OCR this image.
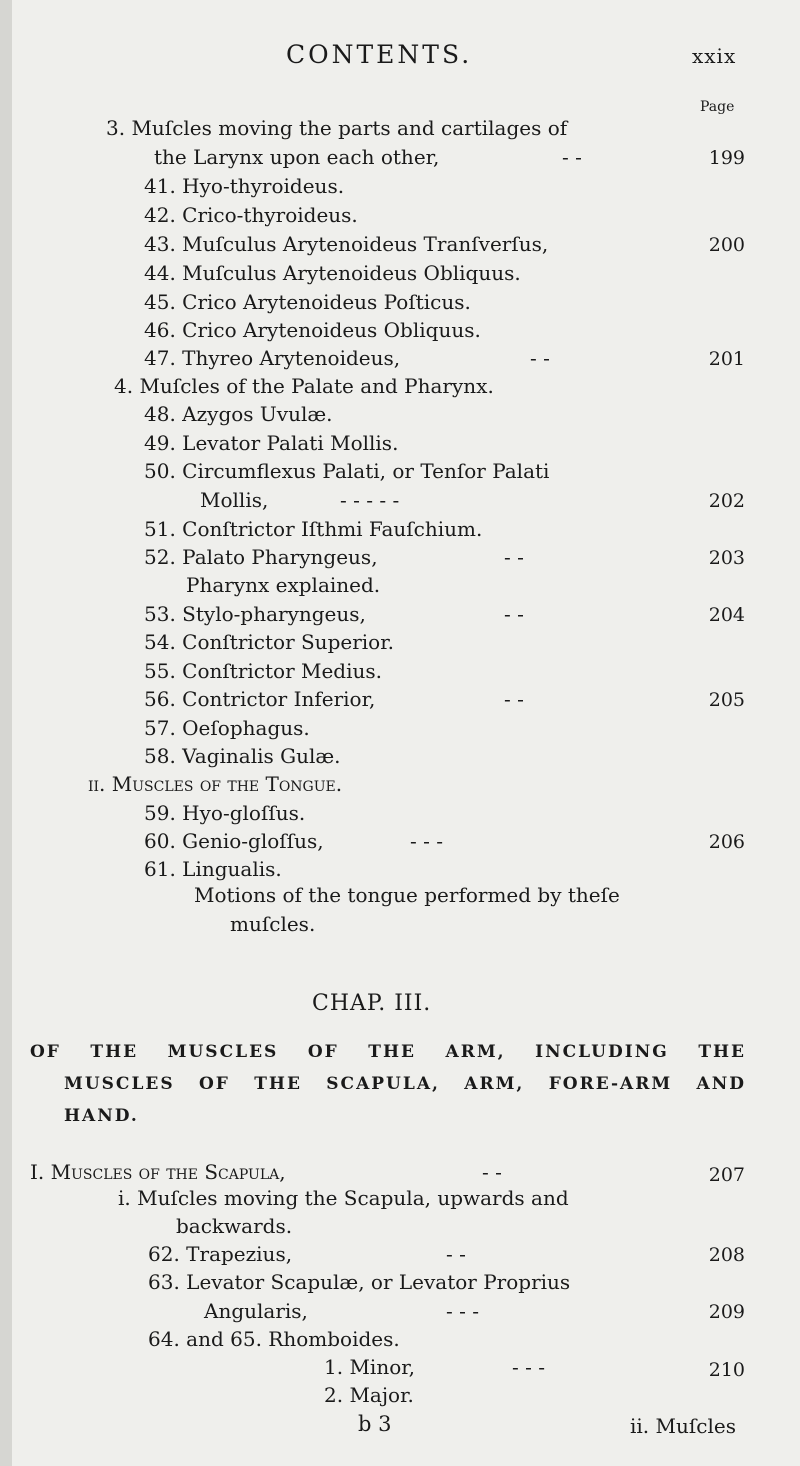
CONTENTS.	xxix
Page
3. Muſcles moving the parts and cartilages of
the Larynx upon each other,	- -	199
41. Hyo-thyroideus.
42. Crico-thyroideus.
43. Muſculus Arytenoideus Tranſverſus,	200
44. Muſculus Arytenoideus Obliquus.
45. Crico Arytenoideus Poſticus.
46. Crico Arytenoideus Obliquus.
47. Thyreo Arytenoideus,	- -	201
4. Muſcles of the Palate and Pharynx.
48. Azygos Uvulæ.
49. Levator Palati Mollis.
50. Circumflexus Palati, or Tenſor Palati
Mollis,	- - - - -	202
51. Conſtrictor Iſthmi Fauſchium.
52. Palato Pharyngeus,	- -	203
Pharynx explained.
53. Stylo-pharyngeus,	- -	204
54. Conſtrictor Superior.
55. Conſtrictor Medius.
56. Contrictor Inferior,	- -	205
57. Oeſophagus.
58. Vaginalis Gulæ.
ii. Muscles of the Tongue.
59. Hyo-gloſſus.
60. Genio-gloſſus,	- - -	206
61. Lingualis.
Motions of the tongue performed by theſe
muſcles.
CHAP. III.
OF THE MUSCLES OF THE ARM, INCLUDING THE
MUSCLES OF THE SCAPULA, ARM, FORE-ARM AND
HAND.
I. Muscles of the Scapula,	- -	207
i. Muſcles moving the Scapula, upwards and
backwards.
62. Trapezius,	- -	208
63. Levator Scapulæ, or Levator Proprius
Angularis,	- - -	209
64. and 65. Rhomboides.
1. Minor,	- - -	210
2. Major.
b 3	ii. Muſcles
